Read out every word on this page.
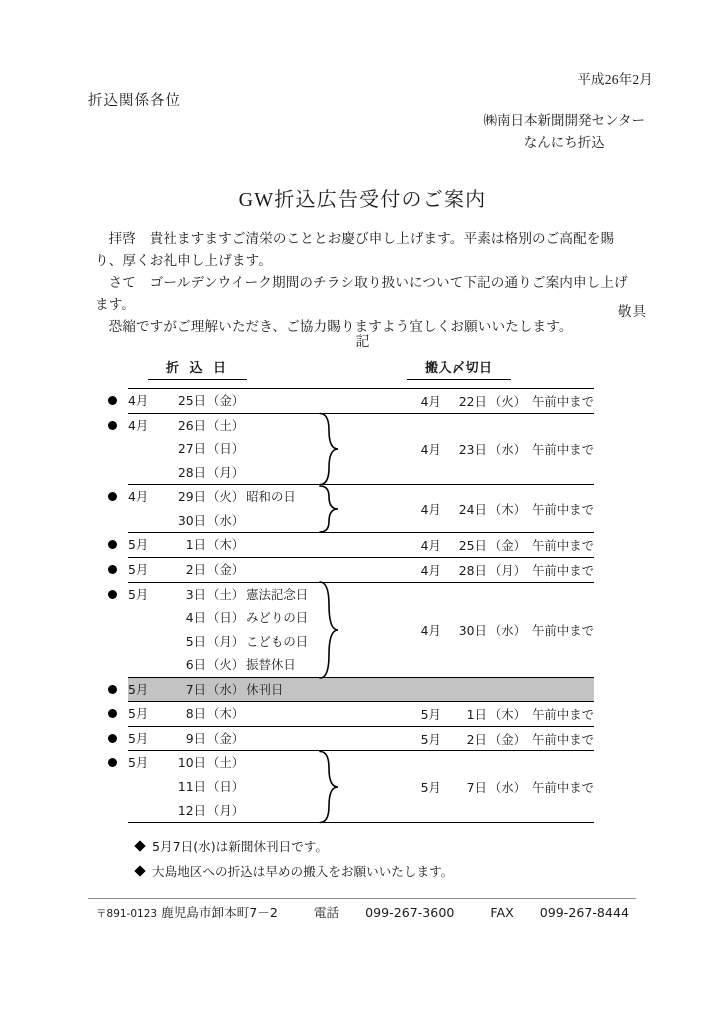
平成26年2月
折込関係各位
㈱南日本新聞開発センター
なんにち折込
GW折込広告受付のご案内

拝啓　貴社ますますご清栄のこととお慶び申し上げます。平素は格別のご高配を賜り、厚くお礼申し上げます。

さて　ゴールデンウイーク期間のチラシ取り扱いについて下記の通りご案内申し上げます。

恐縮ですがご理解いただき、ご協力賜りますよう宜しくお願いいたします。

敬具
記
折 込 日	搬入〆切日
4月 25日（金）	4月 22日 （火） 午前中まで

4月 26日（土）
27日（日）
28日（月）	4月 23日 （水） 午前中まで

4月 29日（火） 昭和の日
30日（水）	4月 24日 （木） 午前中まで

5月 1日（木）	4月 25日 （金） 午前中まで

5月 2日（金）	4月 28日 （月） 午前中まで

5月 3日（土） 憲法記念日
4日（日） みどりの日
5日（月） こどもの日
6日（火） 振替休日	4月 30日 （水） 午前中まで

5月 7日（水） 休刊日	

5月 8日（木）	5月 1日 （木） 午前中まで

5月 9日（金）	5月 2日 （金） 午前中まで

5月 10日（土）
11日（日）
12日（月）	5月 7日 （水） 午前中まで
5月7日(水)は新聞休刊日です。
大島地区への折込は早めの搬入をお願いいたします。
〒891-0123 鹿児島市卸本町7－2	電話 099-267-3600	FAX 099-267-8444
